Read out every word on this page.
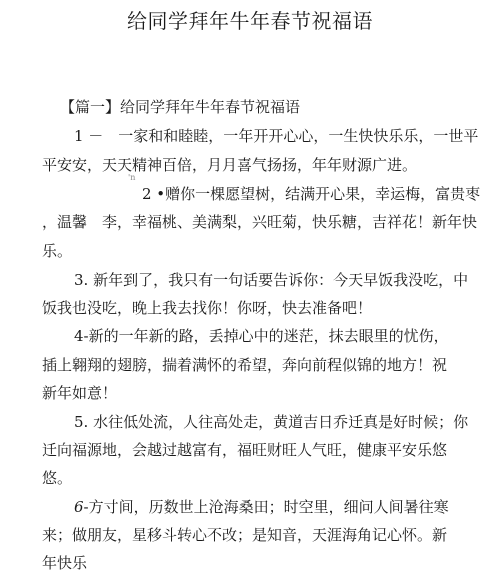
给同学拜年牛年春节祝福语
【篇一】给同学拜年牛年春节祝福语
1 －　一家和和睦睦，一年开开心心，一生快快乐乐，一世平
平安安，天天精神百倍，月月喜气扬扬，年年财源广进。
'n
2 •赠你一棵愿望树，结满开心果，幸运梅，富贵枣
，温馨　李，幸福桃、美满梨，兴旺菊，快乐糖，吉祥花！新年快
乐。
3. 新年到了，我只有一句话要告诉你：今天早饭我没吃，中
饭我也没吃，晚上我去找你！你呀，快去准备吧！
4-新的一年新的路，丢掉心中的迷茫，抹去眼里的忧伤，
插上翱翔的翅膀，揣着满怀的希望，奔向前程似锦的地方！祝
新年如意！
5. 水往低处流，人往高处走，黄道吉日乔迁真是好时候；你
迁向福源地，会越过越富有，福旺财旺人气旺，健康平安乐悠
悠。
6-方寸间，历数世上沧海桑田；时空里，细问人间暑往寒
来；做朋友，星移斗转心不改；是知音，天涯海角记心怀。新
年快乐
